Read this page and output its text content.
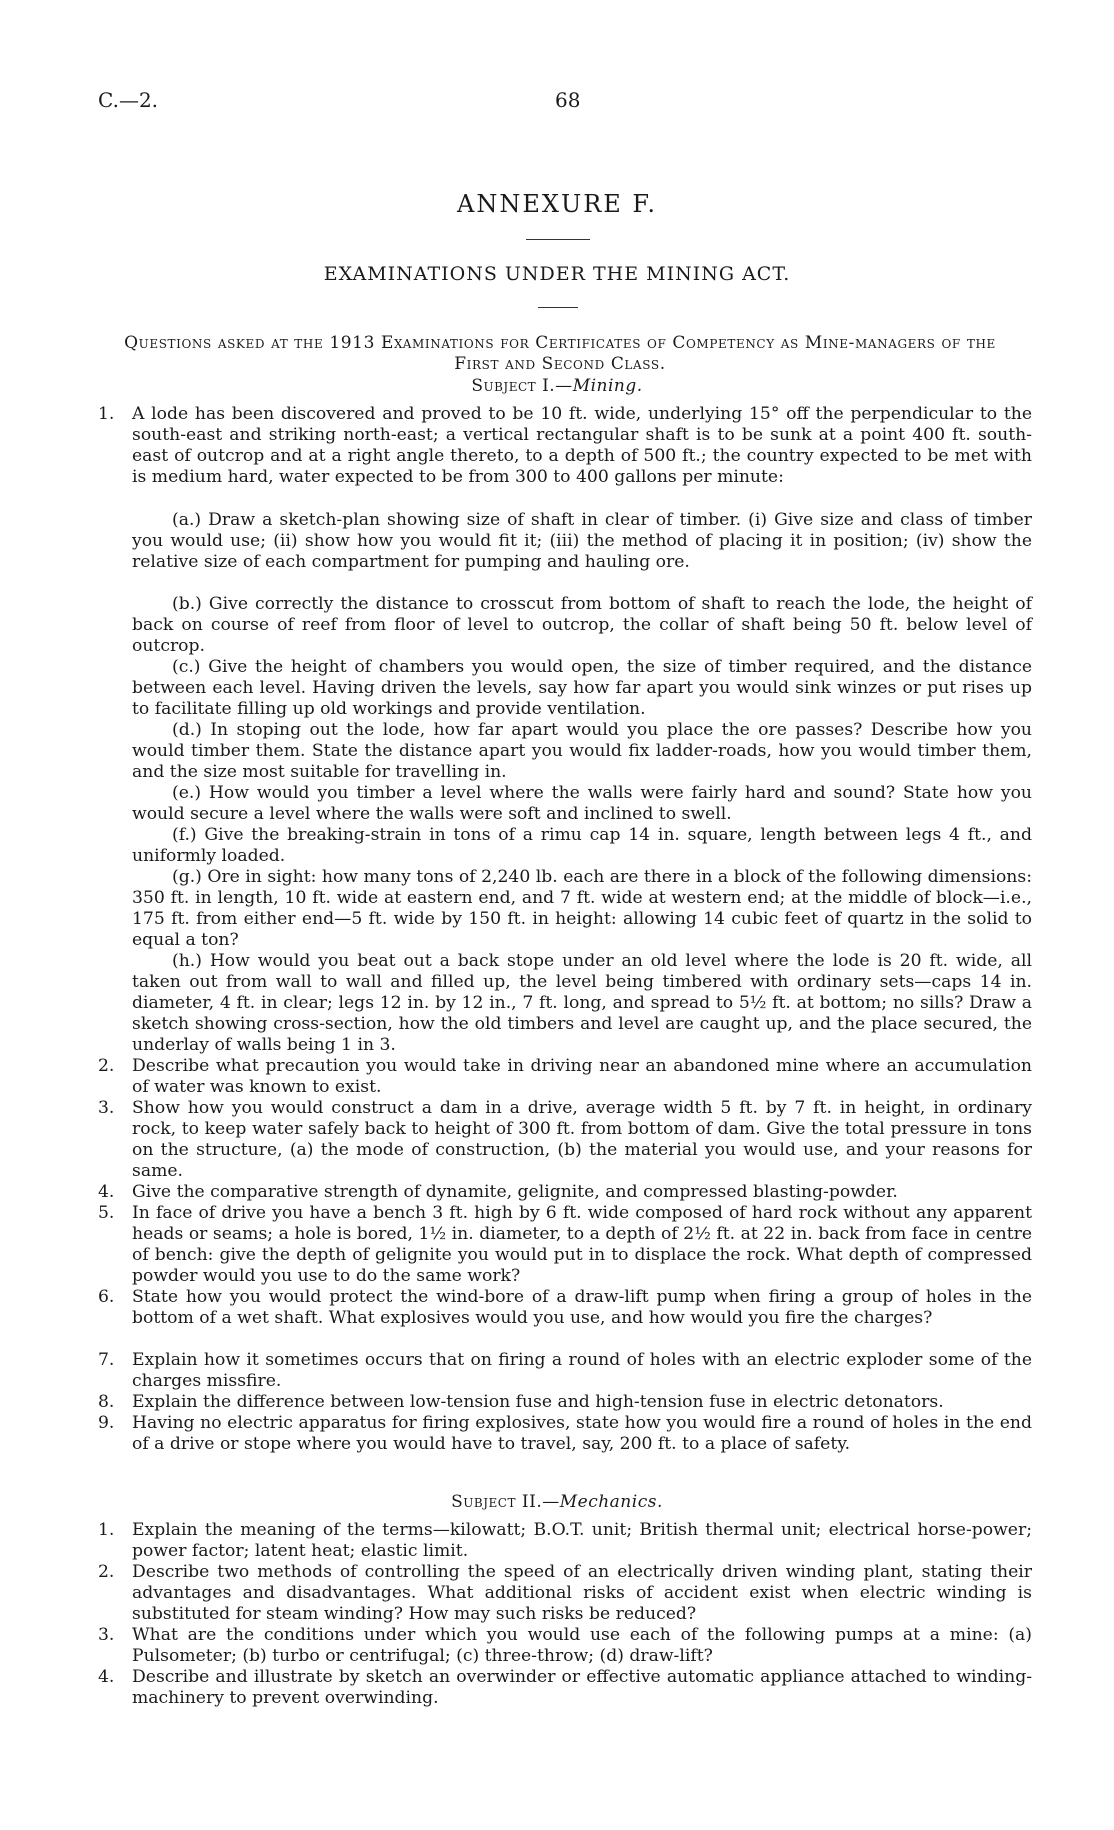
C.—2.	68
ANNEXURE F.
EXAMINATIONS UNDER THE MINING ACT.
Questions asked at the 1913 Examinations for Certificates of Competency as Mine-managers of the First and Second Class.
Subject I.—Mining.
1.	A lode has been discovered and proved to be 10 ft. wide, underlying 15° off the perpendicular to the south-east and striking north-east; a vertical rectangular shaft is to be sunk at a point 400 ft. south-east of outcrop and at a right angle thereto, to a depth of 500 ft.; the country expected to be met with is medium hard, water expected to be from 300 to 400 gallons per minute:
(a.) Draw a sketch-plan showing size of shaft in clear of timber. (i) Give size and class of timber you would use; (ii) show how you would fit it; (iii) the method of placing it in position; (iv) show the relative size of each compartment for pumping and hauling ore.
(b.) Give correctly the distance to crosscut from bottom of shaft to reach the lode, the height of back on course of reef from floor of level to outcrop, the collar of shaft being 50 ft. below level of outcrop.
(c.) Give the height of chambers you would open, the size of timber required, and the distance between each level. Having driven the levels, say how far apart you would sink winzes or put rises up to facilitate filling up old workings and provide ventilation.
(d.) In stoping out the lode, how far apart would you place the ore passes? Describe how you would timber them. State the distance apart you would fix ladder-roads, how you would timber them, and the size most suitable for travelling in.
(e.) How would you timber a level where the walls were fairly hard and sound? State how you would secure a level where the walls were soft and inclined to swell.
(f.) Give the breaking-strain in tons of a rimu cap 14 in. square, length between legs 4 ft., and uniformly loaded.
(g.) Ore in sight: how many tons of 2,240 lb. each are there in a block of the following dimensions: 350 ft. in length, 10 ft. wide at eastern end, and 7 ft. wide at western end; at the middle of block—i.e., 175 ft. from either end—5 ft. wide by 150 ft. in height: allowing 14 cubic feet of quartz in the solid to equal a ton?
(h.) How would you beat out a back stope under an old level where the lode is 20 ft. wide, all taken out from wall to wall and filled up, the level being timbered with ordinary sets—caps 14 in. diameter, 4 ft. in clear; legs 12 in. by 12 in., 7 ft. long, and spread to 5½ ft. at bottom; no sills? Draw a sketch showing cross-section, how the old timbers and level are caught up, and the place secured, the underlay of walls being 1 in 3.
2.	Describe what precaution you would take in driving near an abandoned mine where an accumulation of water was known to exist.
3.	Show how you would construct a dam in a drive, average width 5 ft. by 7 ft. in height, in ordinary rock, to keep water safely back to height of 300 ft. from bottom of dam. Give the total pressure in tons on the structure, (a) the mode of construction, (b) the material you would use, and your reasons for same.
4.	Give the comparative strength of dynamite, gelignite, and compressed blasting-powder.
5.	In face of drive you have a bench 3 ft. high by 6 ft. wide composed of hard rock without any apparent heads or seams; a hole is bored, 1½ in. diameter, to a depth of 2½ ft. at 22 in. back from face in centre of bench: give the depth of gelignite you would put in to displace the rock. What depth of compressed powder would you use to do the same work?
6.	State how you would protect the wind-bore of a draw-lift pump when firing a group of holes in the bottom of a wet shaft. What explosives would you use, and how would you fire the charges?
7.	Explain how it sometimes occurs that on firing a round of holes with an electric exploder some of the charges missfire.
8.	Explain the difference between low-tension fuse and high-tension fuse in electric detonators.
9.	Having no electric apparatus for firing explosives, state how you would fire a round of holes in the end of a drive or stope where you would have to travel, say, 200 ft. to a place of safety.
Subject II.—Mechanics.
1.	Explain the meaning of the terms—kilowatt; B.O.T. unit; British thermal unit; electrical horse-power; power factor; latent heat; elastic limit.
2.	Describe two methods of controlling the speed of an electrically driven winding plant, stating their advantages and disadvantages. What additional risks of accident exist when electric winding is substituted for steam winding? How may such risks be reduced?
3.	What are the conditions under which you would use each of the following pumps at a mine: (a) Pulsometer; (b) turbo or centrifugal; (c) three-throw; (d) draw-lift?
4.	Describe and illustrate by sketch an overwinder or effective automatic appliance attached to winding-machinery to prevent overwinding.
